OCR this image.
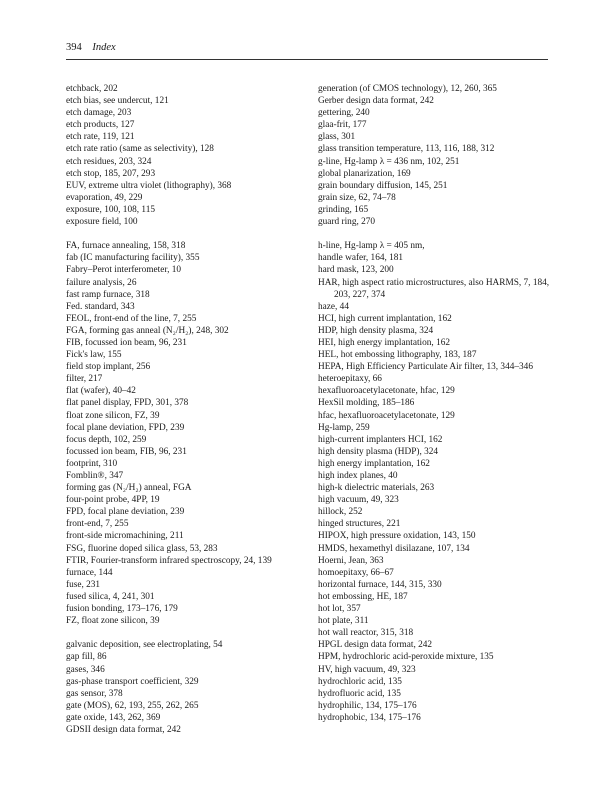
394 Index
etchback, 202
etch bias, see undercut, 121
etch damage, 203
etch products, 127
etch rate, 119, 121
etch rate ratio (same as selectivity), 128
etch residues, 203, 324
etch stop, 185, 207, 293
EUV, extreme ultra violet (lithography), 368
evaporation, 49, 229
exposure, 100, 108, 115
exposure field, 100
FA, furnace annealing, 158, 318
fab (IC manufacturing facility), 355
Fabry–Perot interferometer, 10
failure analysis, 26
fast ramp furnace, 318
Fed. standard, 343
FEOL, front-end of the line, 7, 255
FGA, forming gas anneal (N₂/H₂), 248, 302
FIB, focussed ion beam, 96, 231
Fick's law, 155
field stop implant, 256
filter, 217
flat (wafer), 40–42
flat panel display, FPD, 301, 378
float zone silicon, FZ, 39
focal plane deviation, FPD, 239
focus depth, 102, 259
focussed ion beam, FIB, 96, 231
footprint, 310
Fomblin®, 347
forming gas (N₂/H₂) anneal, FGA
four-point probe, 4PP, 19
FPD, focal plane deviation, 239
front-end, 7, 255
front-side micromachining, 211
FSG, fluorine doped silica glass, 53, 283
FTIR, Fourier-transform infrared spectroscopy, 24, 139
furnace, 144
fuse, 231
fused silica, 4, 241, 301
fusion bonding, 173–176, 179
FZ, float zone silicon, 39
galvanic deposition, see electroplating, 54
gap fill, 86
gases, 346
gas-phase transport coefficient, 329
gas sensor, 378
gate (MOS), 62, 193, 255, 262, 265
gate oxide, 143, 262, 369
GDSII design data format, 242
generation (of CMOS technology), 12, 260, 365
Gerber design data format, 242
gettering, 240
glaa-frit, 177
glass, 301
glass transition temperature, 113, 116, 188, 312
g-line, Hg-lamp λ = 436 nm, 102, 251
global planarization, 169
grain boundary diffusion, 145, 251
grain size, 62, 74–78
grinding, 165
guard ring, 270
h-line, Hg-lamp λ = 405 nm,
handle wafer, 164, 181
hard mask, 123, 200
HAR, high aspect ratio microstructures, also HARMS, 7, 184, 203, 227, 374
haze, 44
HCI, high current implantation, 162
HDP, high density plasma, 324
HEI, high energy implantation, 162
HEL, hot embossing lithography, 183, 187
HEPA, High Efficiency Particulate Air filter, 13, 344–346
heteroepitaxy, 66
hexafluoroacetylacetonate, hfac, 129
HexSil molding, 185–186
hfac, hexafluoroacetylacetonate, 129
Hg-lamp, 259
high-current implanters HCI, 162
high density plasma (HDP), 324
high energy implantation, 162
high index planes, 40
high-k dielectric materials, 263
high vacuum, 49, 323
hillock, 252
hinged structures, 221
HIPOX, high pressure oxidation, 143, 150
HMDS, hexamethyl disilazane, 107, 134
Hoerni, Jean, 363
homoepitaxy, 66–67
horizontal furnace, 144, 315, 330
hot embossing, HE, 187
hot lot, 357
hot plate, 311
hot wall reactor, 315, 318
HPGL design data format, 242
HPM, hydrochloric acid-peroxide mixture, 135
HV, high vacuum, 49, 323
hydrochloric acid, 135
hydrofluoric acid, 135
hydrophilic, 134, 175–176
hydrophobic, 134, 175–176
